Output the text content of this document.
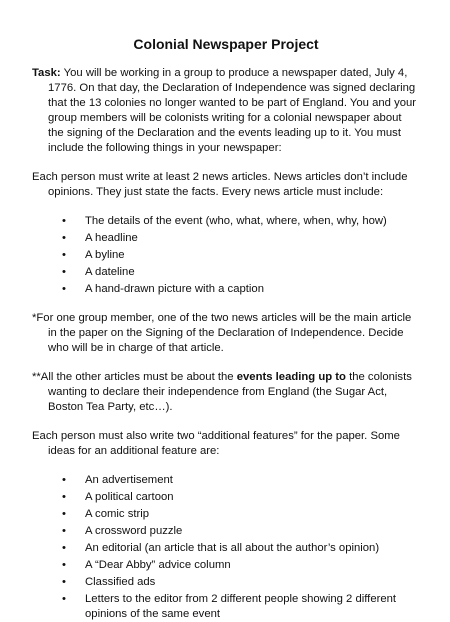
Colonial Newspaper Project

Task: You will be working in a group to produce a newspaper dated, July 4, 1776. On that day, the Declaration of Independence was signed declaring that the 13 colonies no longer wanted to be part of England. You and your group members will be colonists writing for a colonial newspaper about the signing of the Declaration and the events leading up to it. You must include the following things in your newspaper:

Each person must write at least 2 news articles. News articles don’t include opinions. They just state the facts. Every news article must include:

• The details of the event (who, what, where, when, why, how)
• A headline
• A byline
• A dateline
• A hand-drawn picture with a caption

*For one group member, one of the two news articles will be the main article in the paper on the Signing of the Declaration of Independence. Decide who will be in charge of that article.

**All the other articles must be about the events leading up to the colonists wanting to declare their independence from England (the Sugar Act, Boston Tea Party, etc…).

Each person must also write two “additional features” for the paper. Some ideas for an additional feature are:

• An advertisement
• A political cartoon
• A comic strip
• A crossword puzzle
• An editorial (an article that is all about the author’s opinion)
• A “Dear Abby” advice column
• Classified ads
• Letters to the editor from 2 different people showing 2 different opinions of the same event
